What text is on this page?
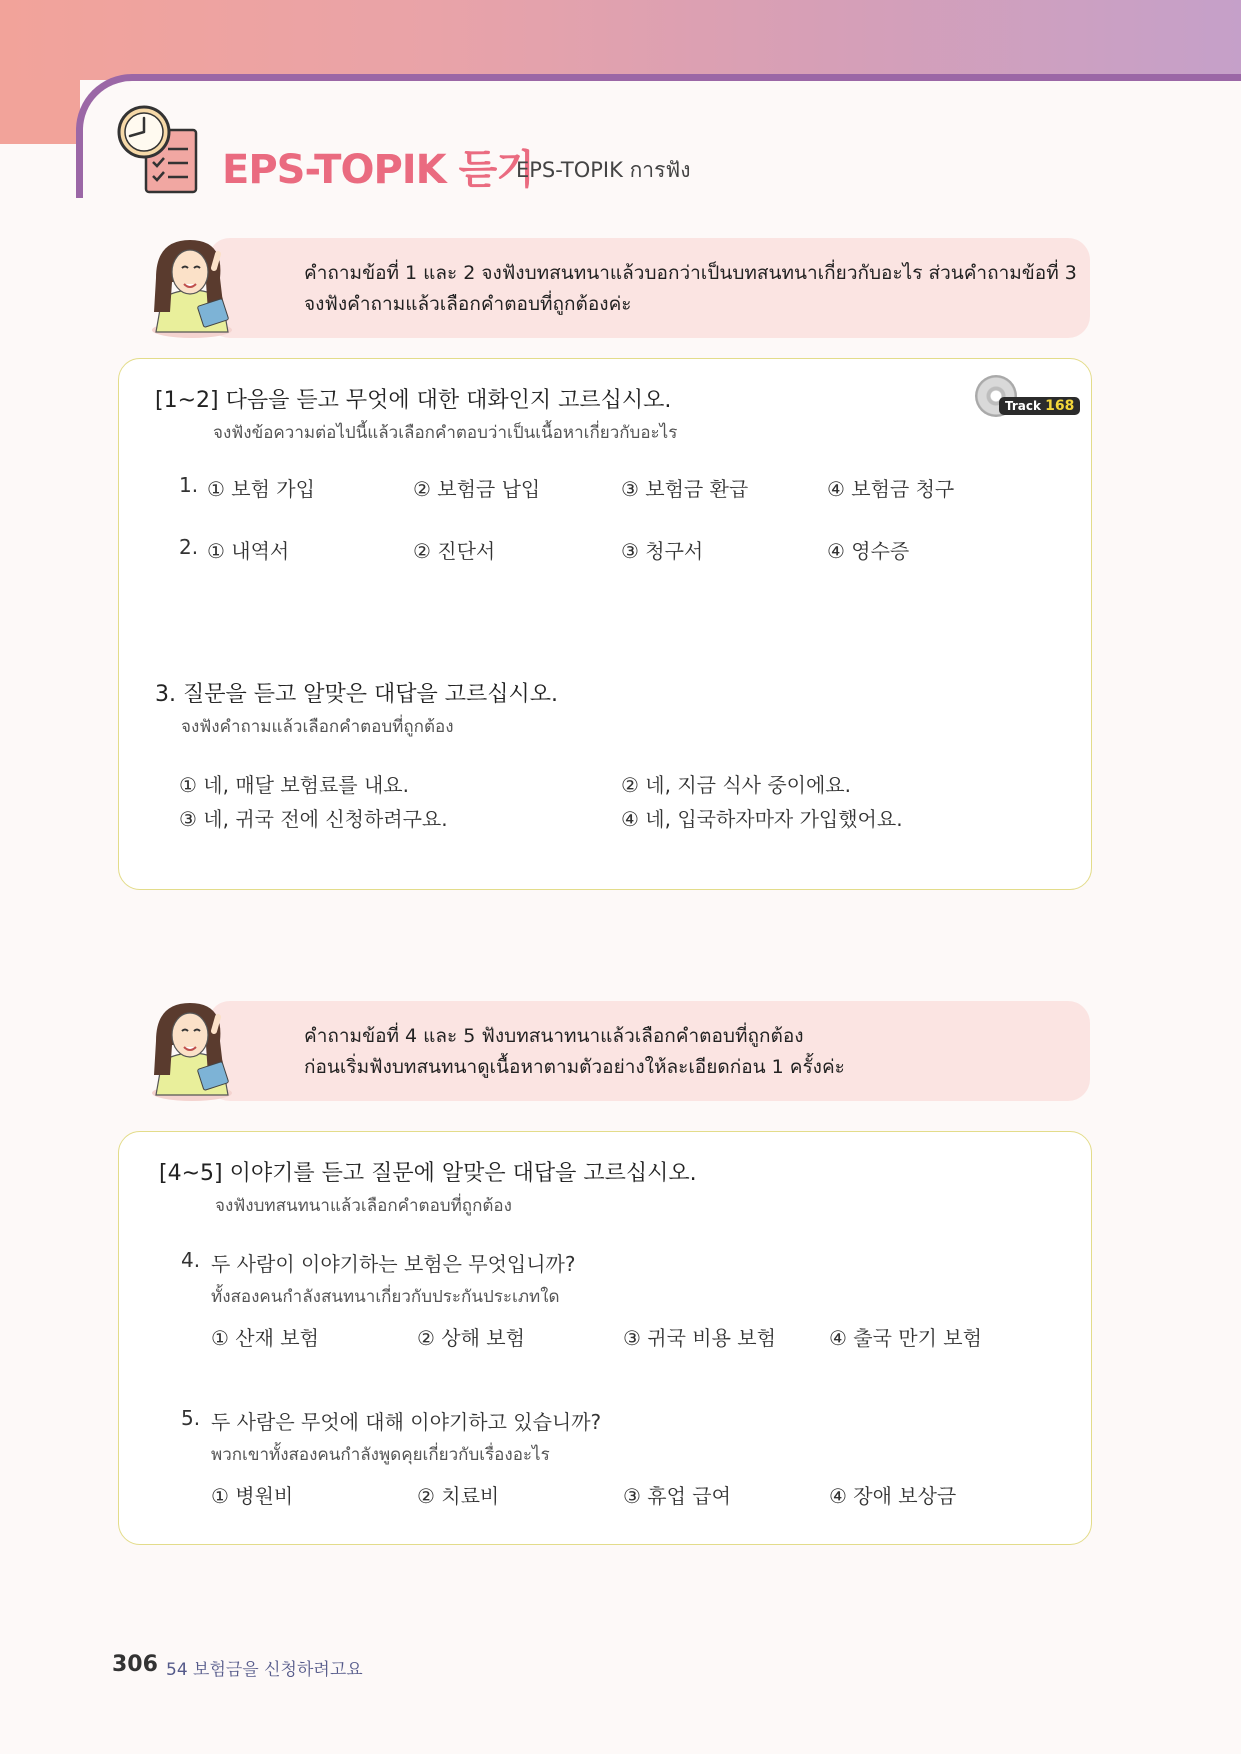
EPS-TOPIK 듣기
EPS-TOPIK การฟัง
คำถามข้อที่ 1 และ 2 จงฟังบทสนทนาแล้วบอกว่าเป็นบทสนทนาเกี่ยวกับอะไร ส่วนคำถามข้อที่ 3
จงฟังคำถามแล้วเลือกคำตอบที่ถูกต้องค่ะ
[1~2] 다음을 듣고 무엇에 대한 대화인지 고르십시오.
จงฟังข้อความต่อไปนี้แล้วเลือกคำตอบว่าเป็นเนื้อหาเกี่ยวกับอะไร
Track 168
1. ① 보험 가입	② 보험금 납입	③ 보험금 환급	④ 보험금 청구
2. ① 내역서	② 진단서	③ 청구서	④ 영수증
3. 질문을 듣고 알맞은 대답을 고르십시오.
จงฟังคำถามแล้วเลือกคำตอบที่ถูกต้อง
① 네, 매달 보험료를 내요.	② 네, 지금 식사 중이에요.
③ 네, 귀국 전에 신청하려구요.	④ 네, 입국하자마자 가입했어요.
คำถามข้อที่ 4 และ 5 ฟังบทสนาทนาแล้วเลือกคำตอบที่ถูกต้อง
ก่อนเริ่มฟังบทสนทนาดูเนื้อหาตามตัวอย่างให้ละเอียดก่อน 1 ครั้งค่ะ
[4~5] 이야기를 듣고 질문에 알맞은 대답을 고르십시오.
จงฟังบทสนทนาแล้วเลือกคำตอบที่ถูกต้อง
4. 두 사람이 이야기하는 보험은 무엇입니까?
ทั้งสองคนกำลังสนทนาเกี่ยวกับประกันประเภทใด
① 산재 보험	② 상해 보험	③ 귀국 비용 보험	④ 출국 만기 보험
5. 두 사람은 무엇에 대해 이야기하고 있습니까?
พวกเขาทั้งสองคนกำลังพูดคุยเกี่ยวกับเรื่องอะไร
① 병원비	② 치료비	③ 휴업 급여	④ 장애 보상금
306 54 보험금을 신청하려고요
